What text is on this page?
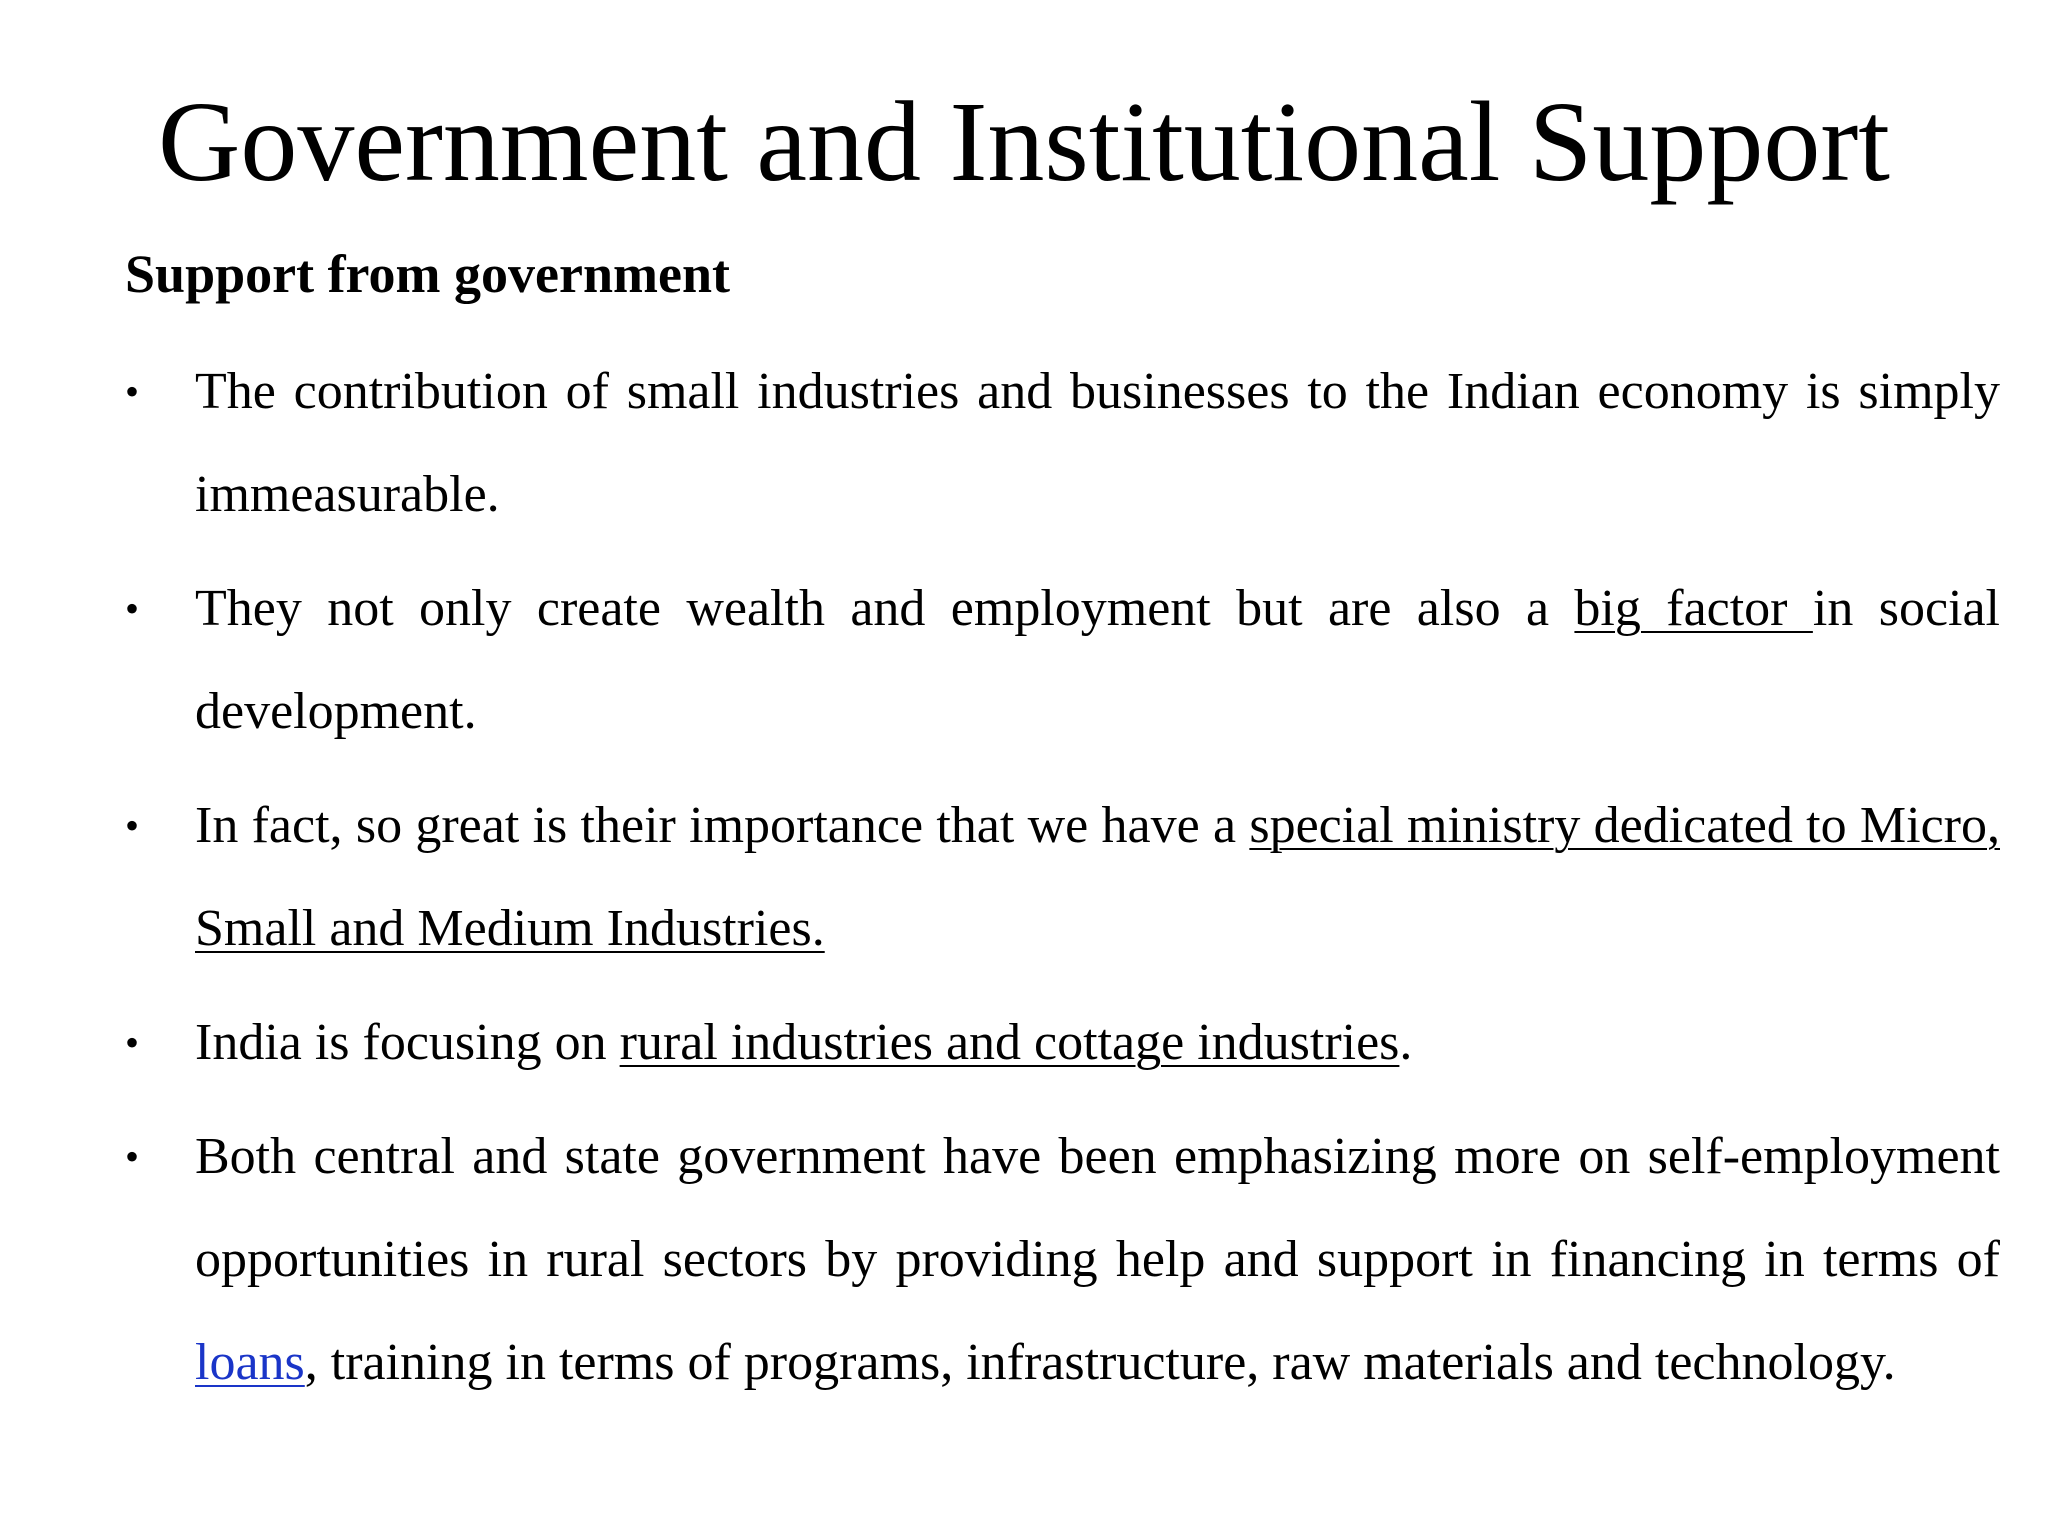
Government and Institutional Support

Support from government

• The contribution of small industries and businesses to the Indian economy is simply immeasurable.
• They not only create wealth and employment but are also a big factor in social development.
• In fact, so great is their importance that we have a special ministry dedicated to Micro, Small and Medium Industries.
• India is focusing on rural industries and cottage industries.
• Both central and state government have been emphasizing more on self-employment opportunities in rural sectors by providing help and support in financing in terms of loans, training in terms of programs, infrastructure, raw materials and technology.
